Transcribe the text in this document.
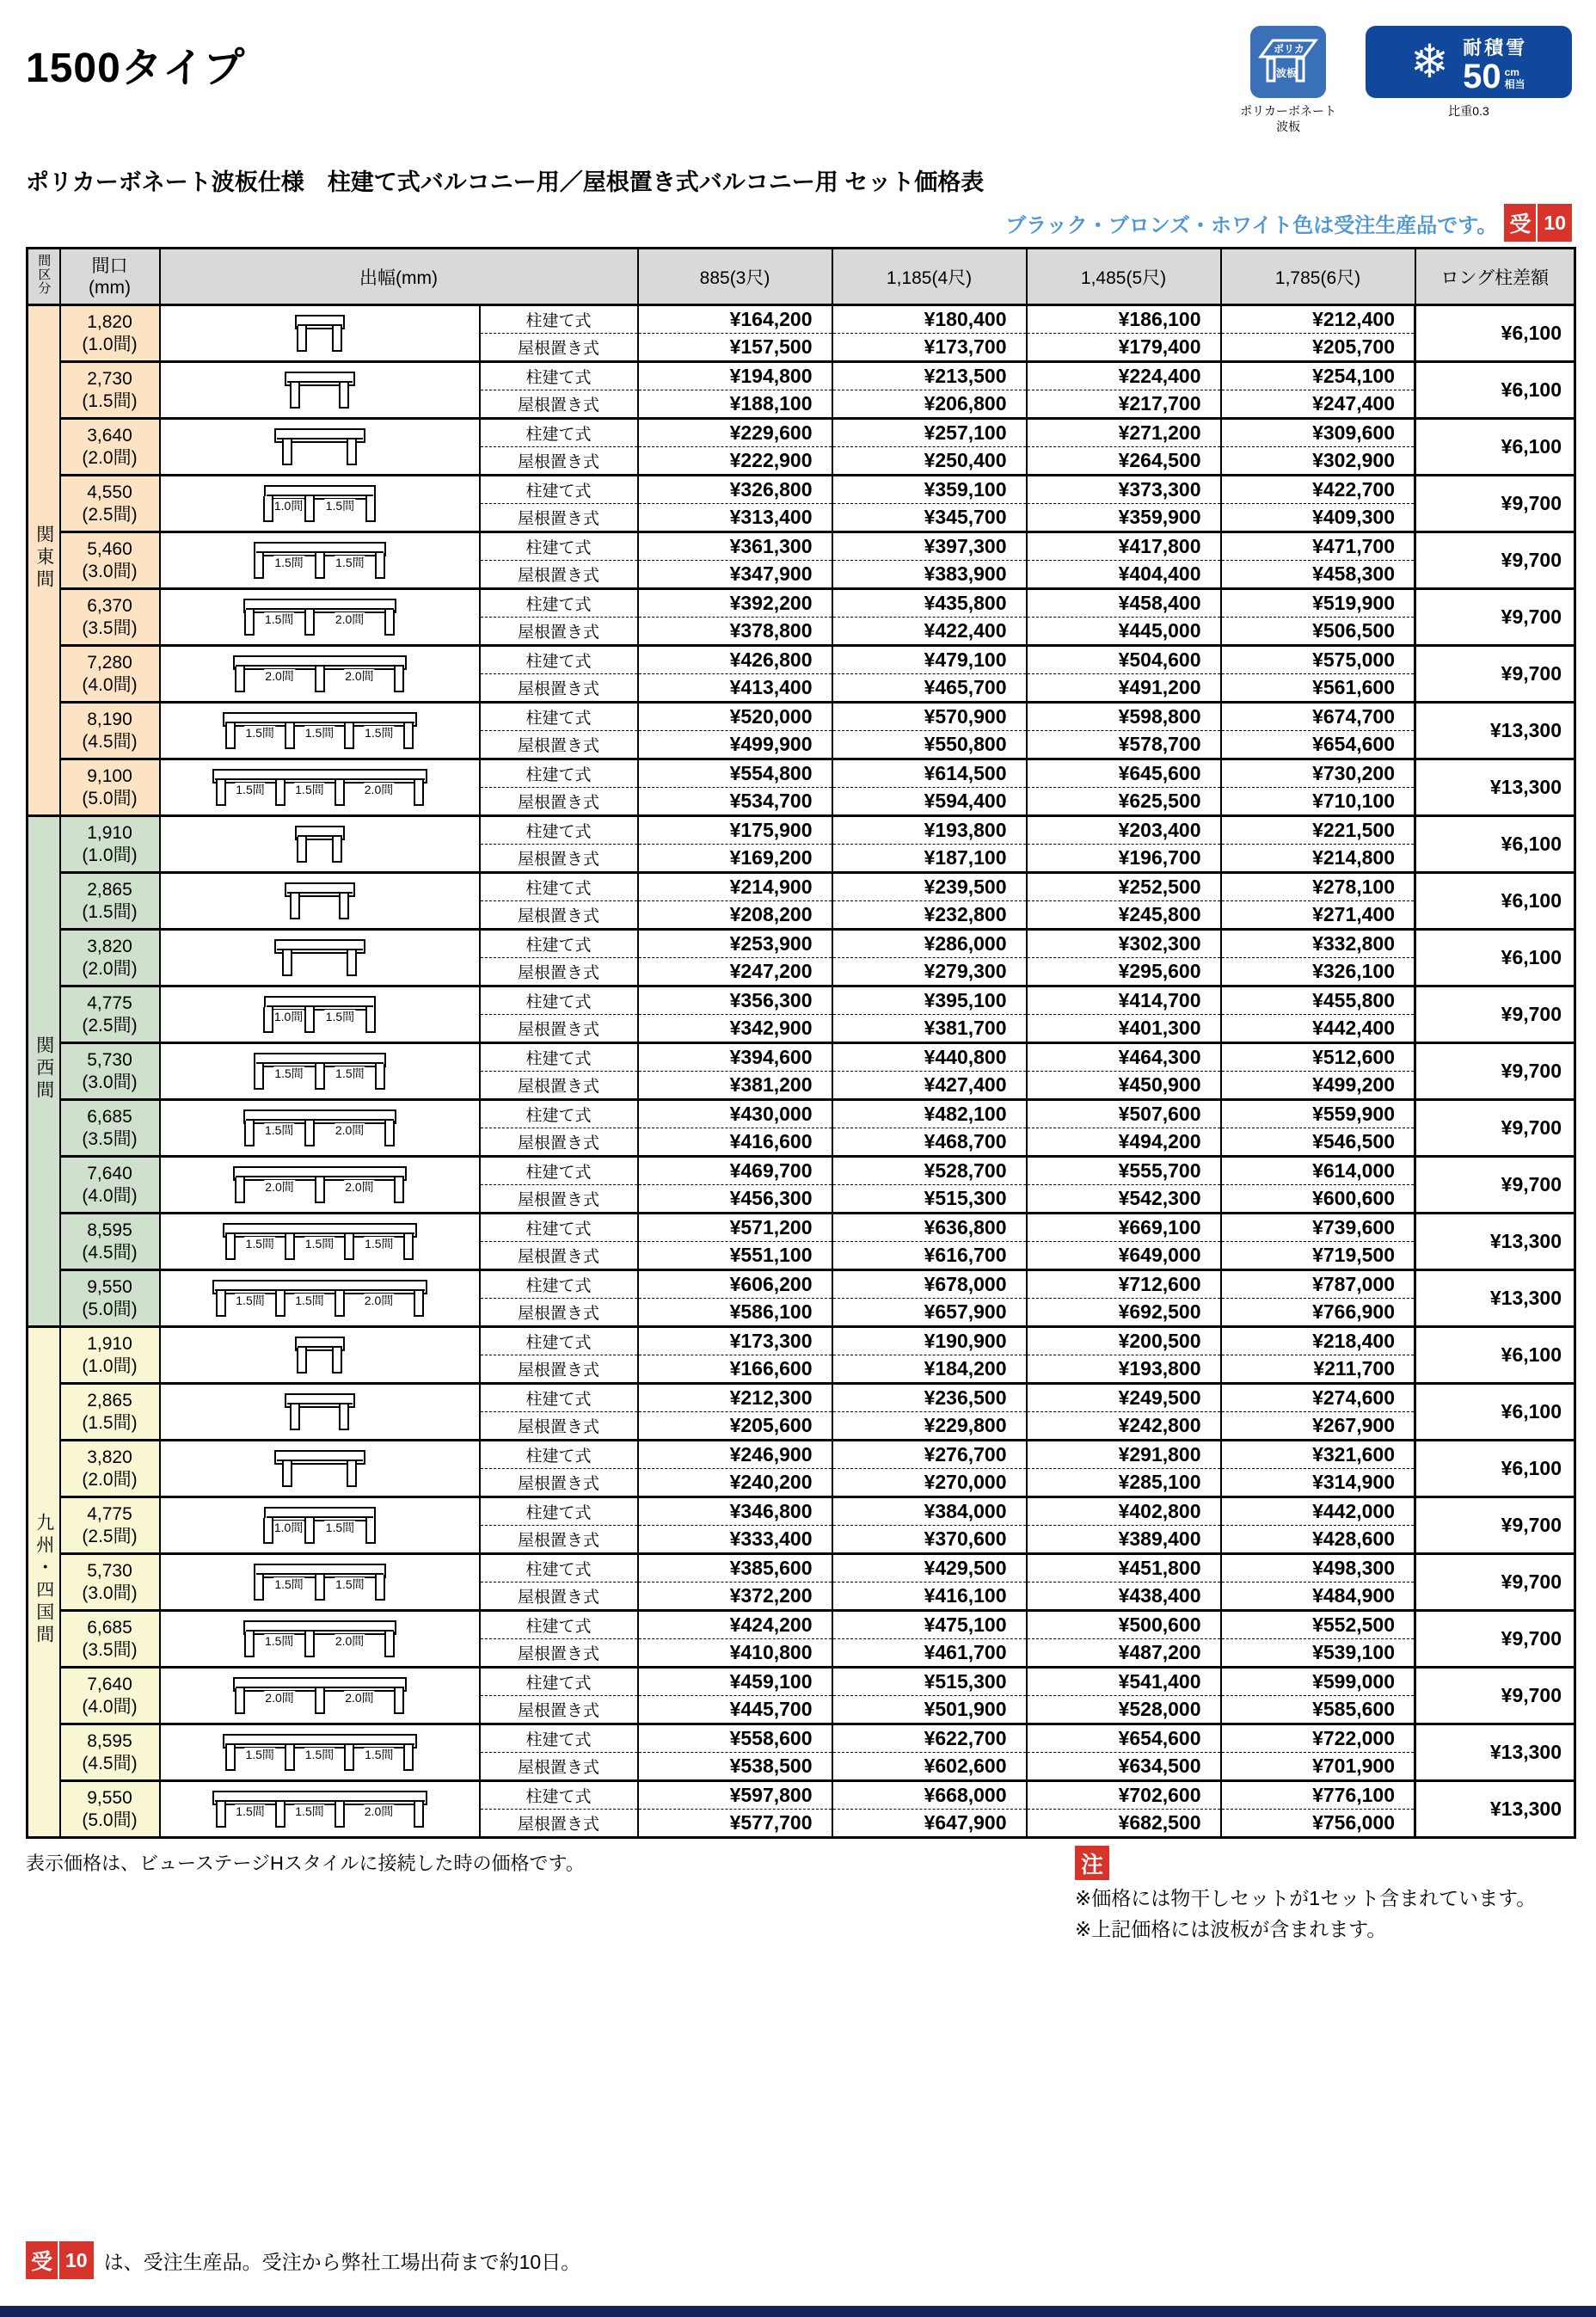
1500タイプ	ポリカ
波板
ポリカーボネート
波板
❄ 耐積雪
50 cm
相当
比重0.3
ポリカーボネート波板仕様　柱建て式バルコニー用／屋根置き式バルコニー用 セット価格表
ブラック・ブロンズ・ホワイト色は受注生産品です。 受 10
間区分	間口
(mm)	出幅(mm)		885(3尺)	1,185(4尺)	1,485(5尺)	1,785(6尺)	ロング柱差額
関東間	1,820
(1.0間)		柱建て式	¥164,200	¥180,400	¥186,100	¥212,400	¥6,100
			屋根置き式	¥157,500	¥173,700	¥179,400	¥205,700	

	2,730
(1.5間)		柱建て式	¥194,800	¥213,500	¥224,400	¥254,100	¥6,100
			屋根置き式	¥188,100	¥206,800	¥217,700	¥247,400	

	3,640
(2.0間)		柱建て式	¥229,600	¥257,100	¥271,200	¥309,600	¥6,100
			屋根置き式	¥222,900	¥250,400	¥264,500	¥302,900	

4,550
(2.5間)	1.0間 1.5間
	柱建て式	¥326,800	¥359,100	¥373,300	¥422,700	¥9,700
			屋根置き式	¥313,400	¥345,700	¥359,900	¥409,300	

5,460
(3.0間)	1.5間	1.5間
	柱建て式	¥361,300	¥397,300	¥417,800	¥471,700	¥9,700
			屋根置き式	¥347,900	¥383,900	¥404,400	¥458,300	

6,370
(3.5間)	1.5間	2.0間
	柱建て式	¥392,200	¥435,800	¥458,400	¥519,900	¥9,700
			屋根置き式	¥378,800	¥422,400	¥445,000	¥506,500	

7,280
(4.0間)	2.0間	2.0間
	柱建て式	¥426,800	¥479,100	¥504,600	¥575,000	¥9,700
			屋根置き式	¥413,400	¥465,700	¥491,200	¥561,600	

8,190
(4.5間)	1.5間	1.5間	1.5間
	柱建て式	¥520,000	¥570,900	¥598,800	¥674,700	¥13,300
			屋根置き式	¥499,900	¥550,800	¥578,700	¥654,600	

9,100
(5.0間)	1.5間	1.5間	2.0間
	柱建て式	¥554,800	¥614,500	¥645,600	¥730,200	¥13,300
			屋根置き式	¥534,700	¥594,400	¥625,500	¥710,100	
関西間	1,910
(1.0間)		柱建て式	¥175,900	¥193,800	¥203,400	¥221,500	¥6,100
			屋根置き式	¥169,200	¥187,100	¥196,700	¥214,800	

	2,865
(1.5間)		柱建て式	¥214,900	¥239,500	¥252,500	¥278,100	¥6,100
			屋根置き式	¥208,200	¥232,800	¥245,800	¥271,400	

	3,820
(2.0間)		柱建て式	¥253,900	¥286,000	¥302,300	¥332,800	¥6,100
			屋根置き式	¥247,200	¥279,300	¥295,600	¥326,100	

4,775
(2.5間)	1.0間 1.5間
	柱建て式	¥356,300	¥395,100	¥414,700	¥455,800	¥9,700
			屋根置き式	¥342,900	¥381,700	¥401,300	¥442,400	

5,730
(3.0間)	1.5間	1.5間
	柱建て式	¥394,600	¥440,800	¥464,300	¥512,600	¥9,700
			屋根置き式	¥381,200	¥427,400	¥450,900	¥499,200	

6,685
(3.5間)	1.5間	2.0間
	柱建て式	¥430,000	¥482,100	¥507,600	¥559,900	¥9,700
			屋根置き式	¥416,600	¥468,700	¥494,200	¥546,500	

7,640
(4.0間)	2.0間	2.0間
	柱建て式	¥469,700	¥528,700	¥555,700	¥614,000	¥9,700
			屋根置き式	¥456,300	¥515,300	¥542,300	¥600,600	

8,595
(4.5間)	1.5間	1.5間	1.5間
	柱建て式	¥571,200	¥636,800	¥669,100	¥739,600	¥13,300
			屋根置き式	¥551,100	¥616,700	¥649,000	¥719,500	

9,550
(5.0間)	1.5間	1.5間	2.0間
	柱建て式	¥606,200	¥678,000	¥712,600	¥787,000	¥13,300
			屋根置き式	¥586,100	¥657,900	¥692,500	¥766,900	
九州・四国間	1,910
(1.0間)		柱建て式	¥173,300	¥190,900	¥200,500	¥218,400	¥6,100
			屋根置き式	¥166,600	¥184,200	¥193,800	¥211,700	

	2,865
(1.5間)		柱建て式	¥212,300	¥236,500	¥249,500	¥274,600	¥6,100
			屋根置き式	¥205,600	¥229,800	¥242,800	¥267,900	

	3,820
(2.0間)		柱建て式	¥246,900	¥276,700	¥291,800	¥321,600	¥6,100
			屋根置き式	¥240,200	¥270,000	¥285,100	¥314,900	

4,775
(2.5間)	1.0間 1.5間
	柱建て式	¥346,800	¥384,000	¥402,800	¥442,000	¥9,700
			屋根置き式	¥333,400	¥370,600	¥389,400	¥428,600	

5,730
(3.0間)	1.5間	1.5間
	柱建て式	¥385,600	¥429,500	¥451,800	¥498,300	¥9,700
			屋根置き式	¥372,200	¥416,100	¥438,400	¥484,900	

6,685
(3.5間)	1.5間	2.0間
	柱建て式	¥424,200	¥475,100	¥500,600	¥552,500	¥9,700
			屋根置き式	¥410,800	¥461,700	¥487,200	¥539,100	

7,640
(4.0間)	2.0間	2.0間
	柱建て式	¥459,100	¥515,300	¥541,400	¥599,000	¥9,700
			屋根置き式	¥445,700	¥501,900	¥528,000	¥585,600	

8,595
(4.5間)	1.5間	1.5間	1.5間
	柱建て式	¥558,600	¥622,700	¥654,600	¥722,000	¥13,300
			屋根置き式	¥538,500	¥602,600	¥634,500	¥701,900	

9,550
(5.0間)	1.5間	1.5間	2.0間
	柱建て式	¥597,800	¥668,000	¥702,600	¥776,100	¥13,300
			屋根置き式	¥577,700	¥647,900	¥682,500	¥756,000	
表示価格は、ビューステージHスタイルに接続した時の価格です。	注
※価格には物干しセットが1セット含まれています。
※上記価格には波板が含まれます。
受 10 は、受注生産品。受注から弊社工場出荷まで約10日。
